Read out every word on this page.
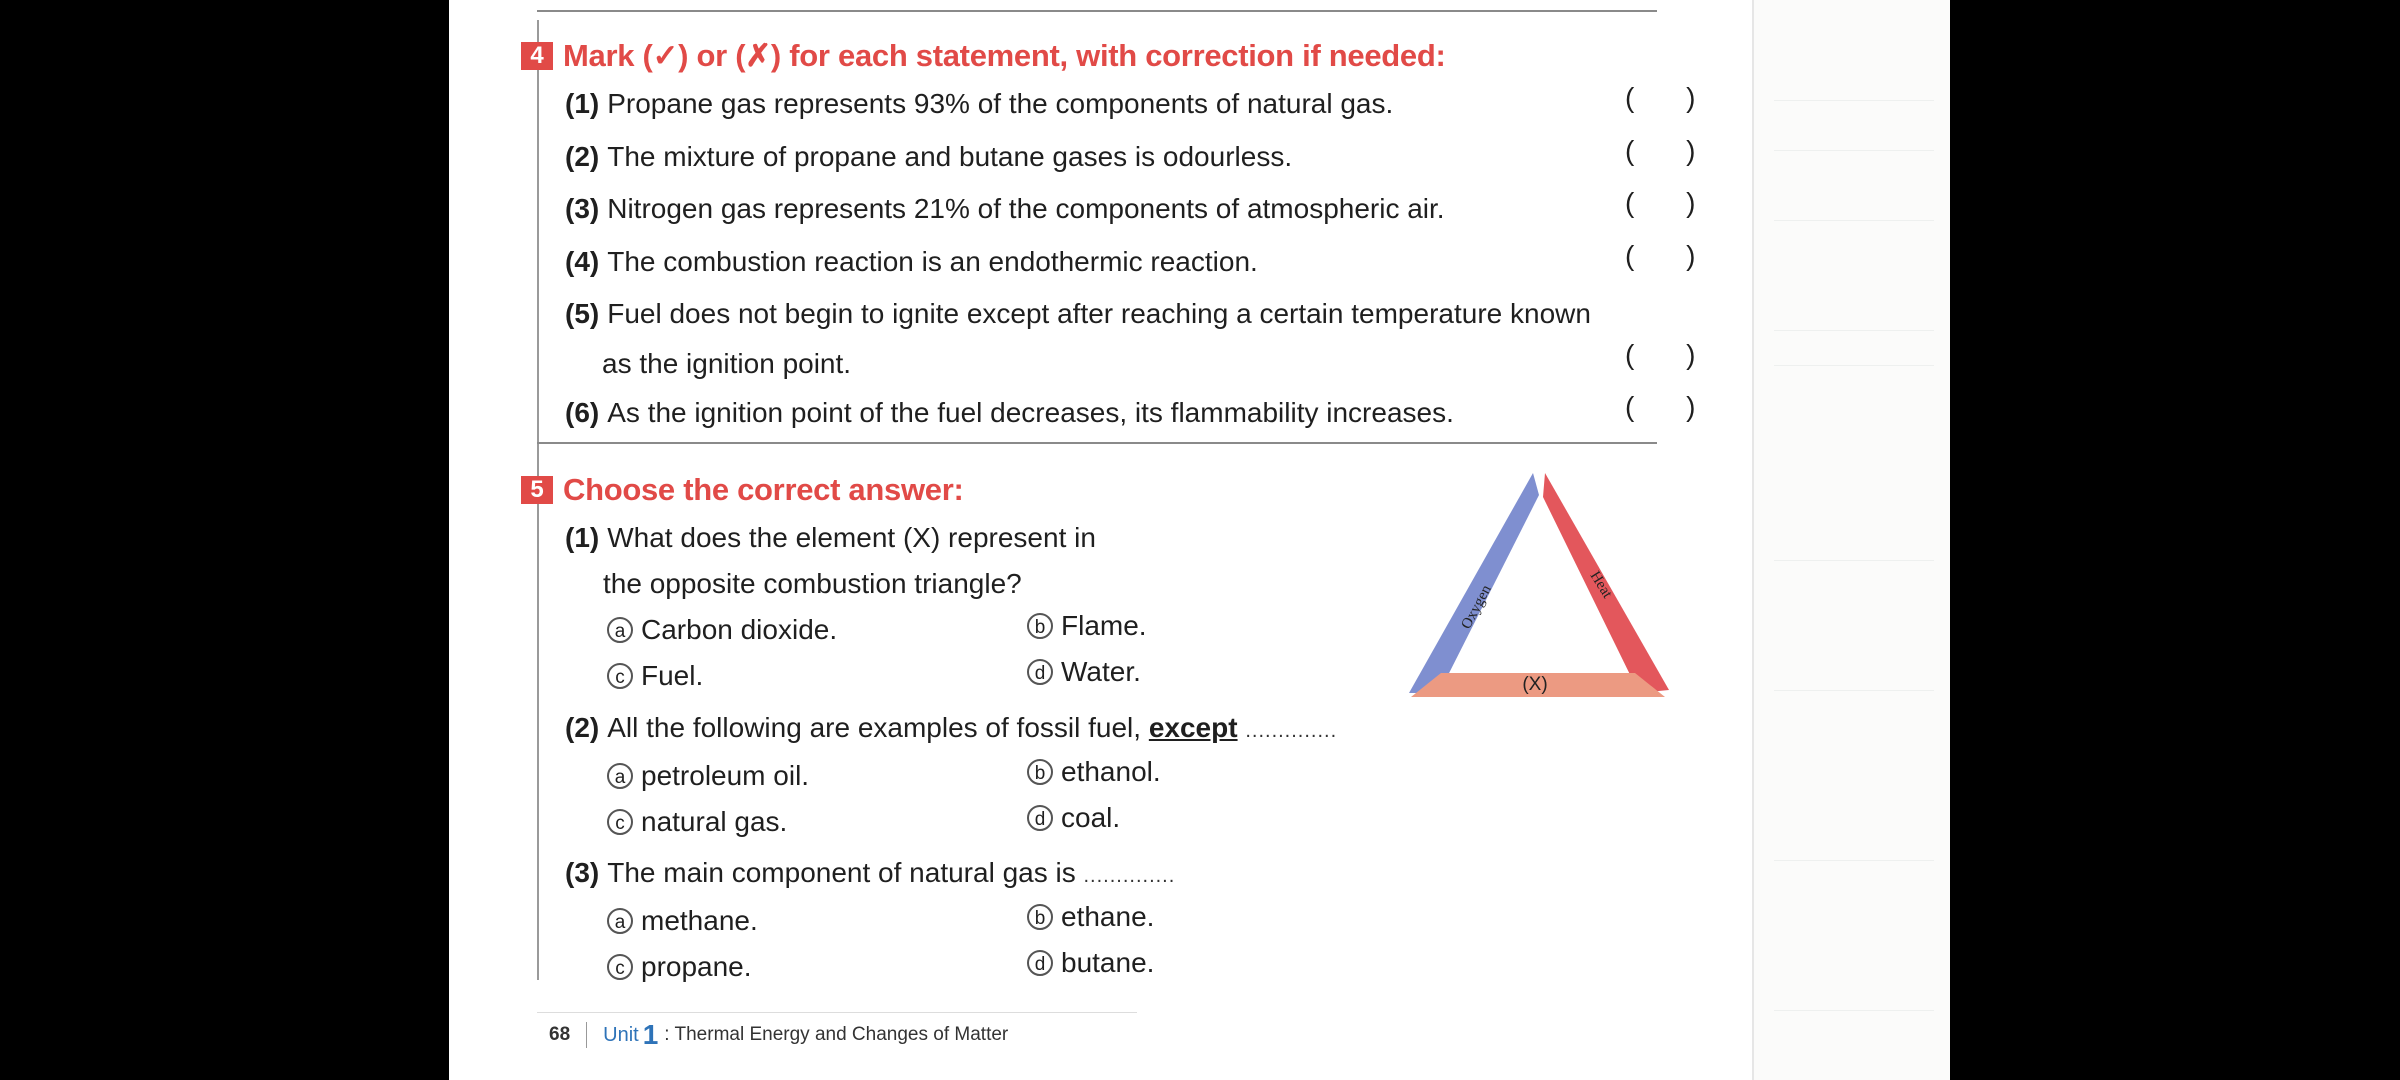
4 Mark (✓) or (✗) for each statement, with correction if needed:
(1) Propane gas represents 93% of the components of natural gas.	( )
(2) The mixture of propane and butane gases is odourless.	( )
(3) Nitrogen gas represents 21% of the components of atmospheric air.	( )
(4) The combustion reaction is an endothermic reaction.	( )
(5) Fuel does not begin to ignite except after reaching a certain temperature known
as the ignition point.	( )
(6) As the ignition point of the fuel decreases, its flammability increases.	( )
5 Choose the correct answer:
(1) What does the element (X) represent in
the opposite combustion triangle?
a Carbon dioxide.	b Flame.
c Fuel.	d Water.
(2) All the following are examples of fossil fuel, except ..............
a petroleum oil.	b ethanol.
c natural gas.	d coal.
(3) The main component of natural gas is ..............
a methane.	b ethane.
c propane.	d butane.
Oxygen	Heat
(X)
68 Unit 1 : Thermal Energy and Changes of Matter
